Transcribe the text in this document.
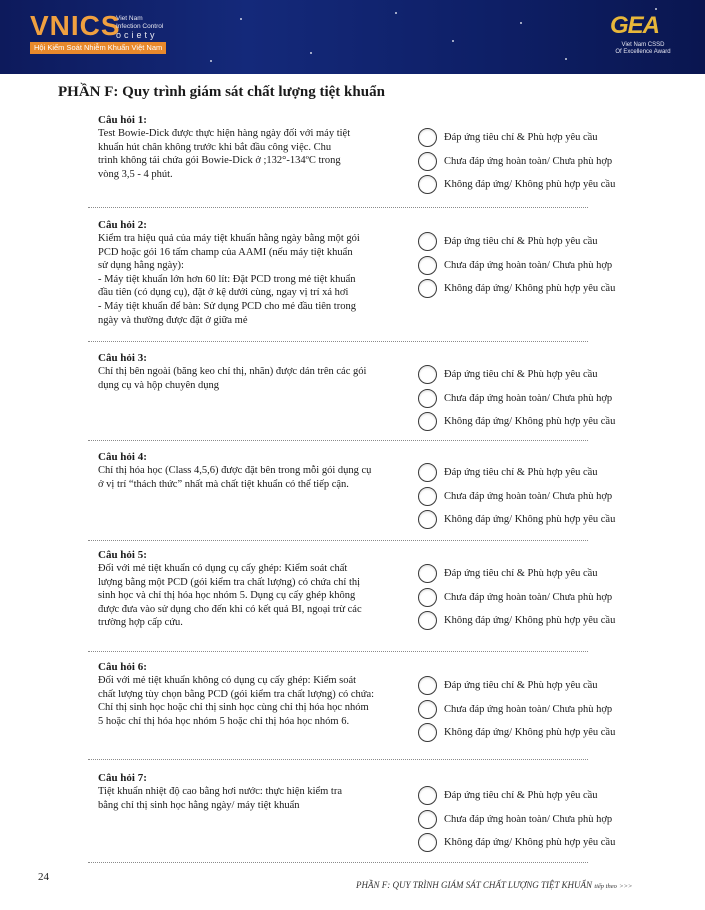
VNICS
Viet Nam
Infection Control
ociety
Hội Kiểm Soát Nhiễm Khuẩn Việt Nam
GEA
Viet Nam CSSD
Of Excellence Award
PHẦN F: Quy trình giám sát chất lượng tiệt khuẩn
Câu hỏi 1:
Test Bowie-Dick được thực hiện hàng ngày đối với máy tiệt
khuẩn hút chân không trước khi bắt đầu công việc. Chu
trình không tải chứa gói Bowie-Dick ở ;132°-134ºC trong
vòng 3,5 - 4 phút.
Đáp ứng tiêu chí & Phù hợp yêu cầu
Chưa đáp ứng hoàn toàn/ Chưa phù hợp
Không đáp ứng/ Không phù hợp yêu cầu
Câu hỏi 2:
Kiểm tra hiệu quả của máy tiệt khuẩn hằng ngày bằng một gói
PCD hoặc gói 16 tấm champ của AAMI (nếu máy tiệt khuẩn
sử dụng hằng ngày):
- Máy tiệt khuẩn lớn hơn 60 lít: Đặt PCD trong mẻ tiệt khuẩn
đầu tiên (có dụng cụ), đặt ở kệ dưới cùng, ngay vị trí xả hơi
- Máy tiệt khuẩn để bàn: Sử dụng PCD cho mẻ đầu tiên trong
ngày và thường được đặt ở giữa mẻ
Đáp ứng tiêu chí & Phù hợp yêu cầu
Chưa đáp ứng hoàn toàn/ Chưa phù hợp
Không đáp ứng/ Không phù hợp yêu cầu
Câu hỏi 3:
Chỉ thị bên ngoài (băng keo chỉ thị, nhãn) được dán trên các gói
dụng cụ và hộp chuyên dụng
Đáp ứng tiêu chí & Phù hợp yêu cầu
Chưa đáp ứng hoàn toàn/ Chưa phù hợp
Không đáp ứng/ Không phù hợp yêu cầu
Câu hỏi 4:
Chỉ thị hóa học (Class 4,5,6) được đặt bên trong mỗi gói dụng cụ
ở vị trí “thách thức” nhất mà chất tiệt khuẩn có thể tiếp cận.
Đáp ứng tiêu chí & Phù hợp yêu cầu
Chưa đáp ứng hoàn toàn/ Chưa phù hợp
Không đáp ứng/ Không phù hợp yêu cầu
Câu hỏi 5:
Đối với mẻ tiệt khuẩn có dụng cụ cấy ghép: Kiểm soát chất
lượng bằng một PCD (gói kiểm tra chất lượng) có chứa chỉ thị
sinh học và chỉ thị hóa học nhóm 5. Dụng cụ cấy ghép không
được đưa vào sử dụng cho đến khi có kết quả BI, ngoại trừ các
trường hợp cấp cứu.
Đáp ứng tiêu chí & Phù hợp yêu cầu
Chưa đáp ứng hoàn toàn/ Chưa phù hợp
Không đáp ứng/ Không phù hợp yêu cầu
Câu hỏi 6:
Đối với mẻ tiệt khuẩn không có dụng cụ cấy ghép: Kiểm soát
chất lượng tùy chọn bằng PCD (gói kiểm tra chất lượng) có chứa:
Chỉ thị sinh học hoặc chỉ thị sinh học cùng chỉ thị hóa học nhóm
5 hoặc chỉ thị hóa học nhóm 5 hoặc chỉ thị hóa học nhóm 6.
Đáp ứng tiêu chí & Phù hợp yêu cầu
Chưa đáp ứng hoàn toàn/ Chưa phù hợp
Không đáp ứng/ Không phù hợp yêu cầu
Câu hỏi 7:
Tiệt khuẩn nhiệt độ cao bằng hơi nước: thực hiện kiểm tra
bằng chỉ thị sinh học hằng ngày/ máy tiệt khuẩn
Đáp ứng tiêu chí & Phù hợp yêu cầu
Chưa đáp ứng hoàn toàn/ Chưa phù hợp
Không đáp ứng/ Không phù hợp yêu cầu
24
PHẦN F: QUY TRÌNH GIÁM SÁT CHẤT LƯỢNG TIỆT KHUẨN tiếp theo >>>
